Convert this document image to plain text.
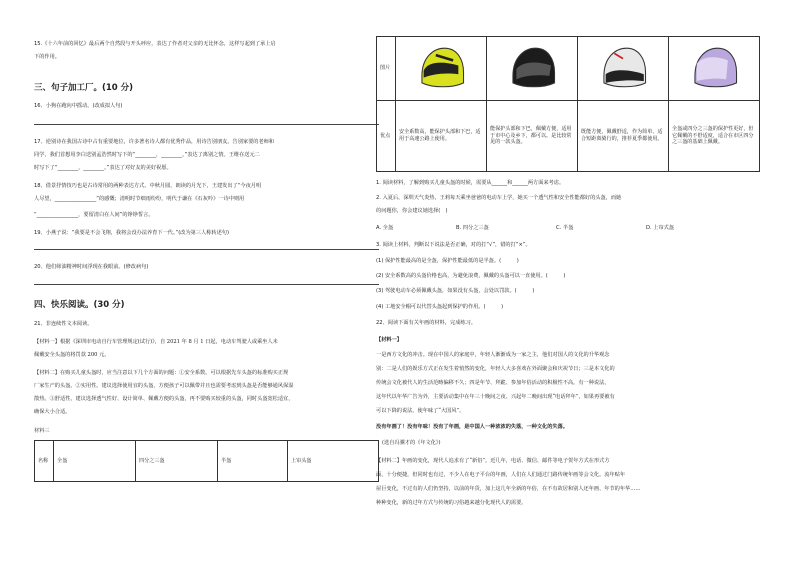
15.《十六年前的回忆》最后两个自然段与开头呼应，表达了作者对父亲的无比怀念，这样写起到了承上启
下的作用。
三、句子加工厂。(10 分)
16、小狗在跑向中摇动。(改成拟人句)
17、逆别诗在我国古诗中占有重要地位，许多著名诗人都有优秀作品，用诗告别朋友。告别家要的老师和
同学，我们首想用李白送别孟浩然时写下的“________，________。”表达了离别之情。王维在送元二
时写下了“________，________。”表达了对好友的美好祝愿。
18、借景抒情技巧也是古诗常用的两种表达方式。中秋月圆，朗读的月光下，王建发出了“今夜月明
人尽望，________________”的感慨；清明时节细雨纷纷，明代于谦在《石灰吟》一诗中则用
“________________，要留清白在人间”的铮铮誓言。
19、小燕子说：“我要是不会飞翔，我将会没办法养育下一代。”(改为第三人称转述句)
20、他们筛油精神时间浮现在我眼前。(修改病句)
四、快乐阅读。(30 分)
21、非连续性文本阅读。
【材料一】根据《深圳市电动自行车管理规定(试行)》，自 2021 年 8 月 1 日起，电动车驾驶人或乘坐人未
佩戴安全头盔的将罚款 200 元。
【材料二】在购买儿童头盔时，应当注意以下几个方面的问题：①安全系数。可以根据先车头盔的标准购买正规
厂家生产的头盔。②实用性。建议选择使用宜的头盔，方便孩子可以佩带并且也需要考虑到头盔是否能够通风保湿
散热。③舒适性。建议选择透气性好、设计简单、佩戴方便的头盔，再不要购买较重的头盔，同时头盔宽松适宜，
确保大小合适。
材料三
名称	全盔	四分之三盔	半盔	上帘头盔
图片	

优点	安全系数高，能保护头部和下巴，适用于高速公路上使用。	能保护头部和下巴，佩戴方便，适用于市中心及乡下，都可以。是比较常见的一款头盔。	既能方便，佩戴舒适，作为简单、适合短距离骑行的，推荐夏季都使用。	全盔或四分之三盔的保护性更好，但它佩戴的不舒适度，适合在市区四分之三盔的基础上佩戴。
1. 阅读材料，了解到购买儿童头盔的时候，需要从______和______两方面来考虑。
2. 入夏后，深圳天气炎热，王莉每天乘坐爸爸的电动车上学，她买一个透气性和安全性能都好的头盔，而她
的问题你，你会建议她选择(　)
A. 全盔	B. 四分之三盔	C. 半盔	D. 上帘式盔
3. 阅读上材料，判断以下说法是否正确，对的打“√”，错的打“×”。
(1) 保护性能最高的是全盔，保护性能最低的是半盔。(　　　)
(2) 安全系数高的头盔价格也高，为避免浪费，佩戴的头盔可以一直使用。(　　　)
(3) 驾驶电动车必须佩戴头盔，如果没有头盔，会处以罚款。(　　　)
(4) 工地安全帽可以代替头盔起到保护的作用。(　　　)
22、阅读下面有关年画的材料，完成练习。
【材料一】
一是西方文化的冲击。现在中国人的家庭中，年轻人渐渐成为一家之主，他们对国人的文化的升华观念
别：二是人们的娱乐方式正在发生着悄然的变化，年轻人大多喜欢在外面聚会和庆祝节日；三是本文化的
传统会文化被代人的生活范畴偏移不久；四是年节、拜跪、参加年俗活动的积极性不高。有一种说法，
这年代以年华广告为外，主要活动集中在年三十晚间之夜、兴起年二晚间出现“电话拜年”，如果再要被有
可以下降的说法。使年味了“大国风”。
没有年画了！没有年味！没有了年画，是中国人一种浓浓的失落，一种文化的失落。
(选自冯骥才的《年文化》)
【材料二】年画的变化，现代人追求有了“新俗”。近几年，电话、微信、邮件等电子贺年方式在形式方
面，十分便捷，但同时也有过，不少人在电子平台的年画，人们在人们通过门路传统年画等会文化。流年贴年
屋巨变化，不过有的人们仍坚持，以前的年货，加上这几年全新的年俗，在不有故居和别人还年画、年节的年华……
种种变化，新的过年方式与传统的习俗越来越分化现代人的需要。
